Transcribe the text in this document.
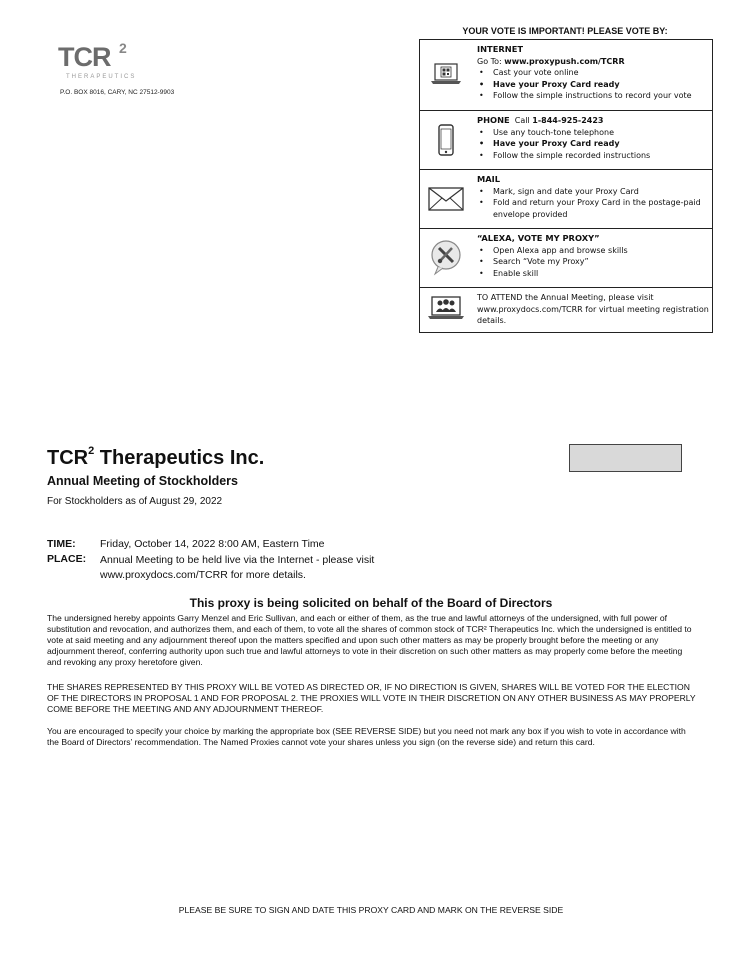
TCR 2
THERAPEUTICS
P.O. BOX 8016, CARY, NC 27512-9903
YOUR VOTE IS IMPORTANT! PLEASE VOTE BY:
INTERNET
Go To: www.proxypush.com/TCRR
• Cast your vote online
• Have your Proxy Card ready
• Follow the simple instructions to record your vote
PHONE Call 1-844-925-2423
• Use any touch-tone telephone
• Have your Proxy Card ready
• Follow the simple recorded instructions
MAIL
• Mark, sign and date your Proxy Card
• Fold and return your Proxy Card in the postage-paid envelope provided
“ALEXA, VOTE MY PROXY”
• Open Alexa app and browse skills
• Search “Vote my Proxy”
• Enable skill
TO ATTEND the Annual Meeting, please visit www.proxydocs.com/TCRR for virtual meeting registration details.
TCR$^2$ Therapeutics Inc.
Annual Meeting of Stockholders
For Stockholders as of August 29, 2022
TIME: Friday, October 14, 2022 8:00 AM, Eastern Time
PLACE: Annual Meeting to be held live via the Internet - please visit www.proxydocs.com/TCRR for more details.
This proxy is being solicited on behalf of the Board of Directors
The undersigned hereby appoints Garry Menzel and Eric Sullivan, and each or either of them, as the true and lawful attorneys of the undersigned, with full power of substitution and revocation, and authorizes them, and each of them, to vote all the shares of common stock of TCR² Therapeutics Inc. which the undersigned is entitled to vote at said meeting and any adjournment thereof upon the matters specified and upon such other matters as may be properly brought before the meeting or any adjournment thereof, conferring authority upon such true and lawful attorneys to vote in their discretion on such other matters as may properly come before the meeting and revoking any proxy heretofore given.
THE SHARES REPRESENTED BY THIS PROXY WILL BE VOTED AS DIRECTED OR, IF NO DIRECTION IS GIVEN, SHARES WILL BE VOTED FOR THE ELECTION OF THE DIRECTORS IN PROPOSAL 1 AND FOR PROPOSAL 2. THE PROXIES WILL VOTE IN THEIR DISCRETION ON ANY OTHER BUSINESS AS MAY PROPERLY COME BEFORE THE MEETING AND ANY ADJOURNMENT THEREOF.
You are encouraged to specify your choice by marking the appropriate box (SEE REVERSE SIDE) but you need not mark any box if you wish to vote in accordance with the Board of Directors’ recommendation. The Named Proxies cannot vote your shares unless you sign (on the reverse side) and return this card.
PLEASE BE SURE TO SIGN AND DATE THIS PROXY CARD AND MARK ON THE REVERSE SIDE
